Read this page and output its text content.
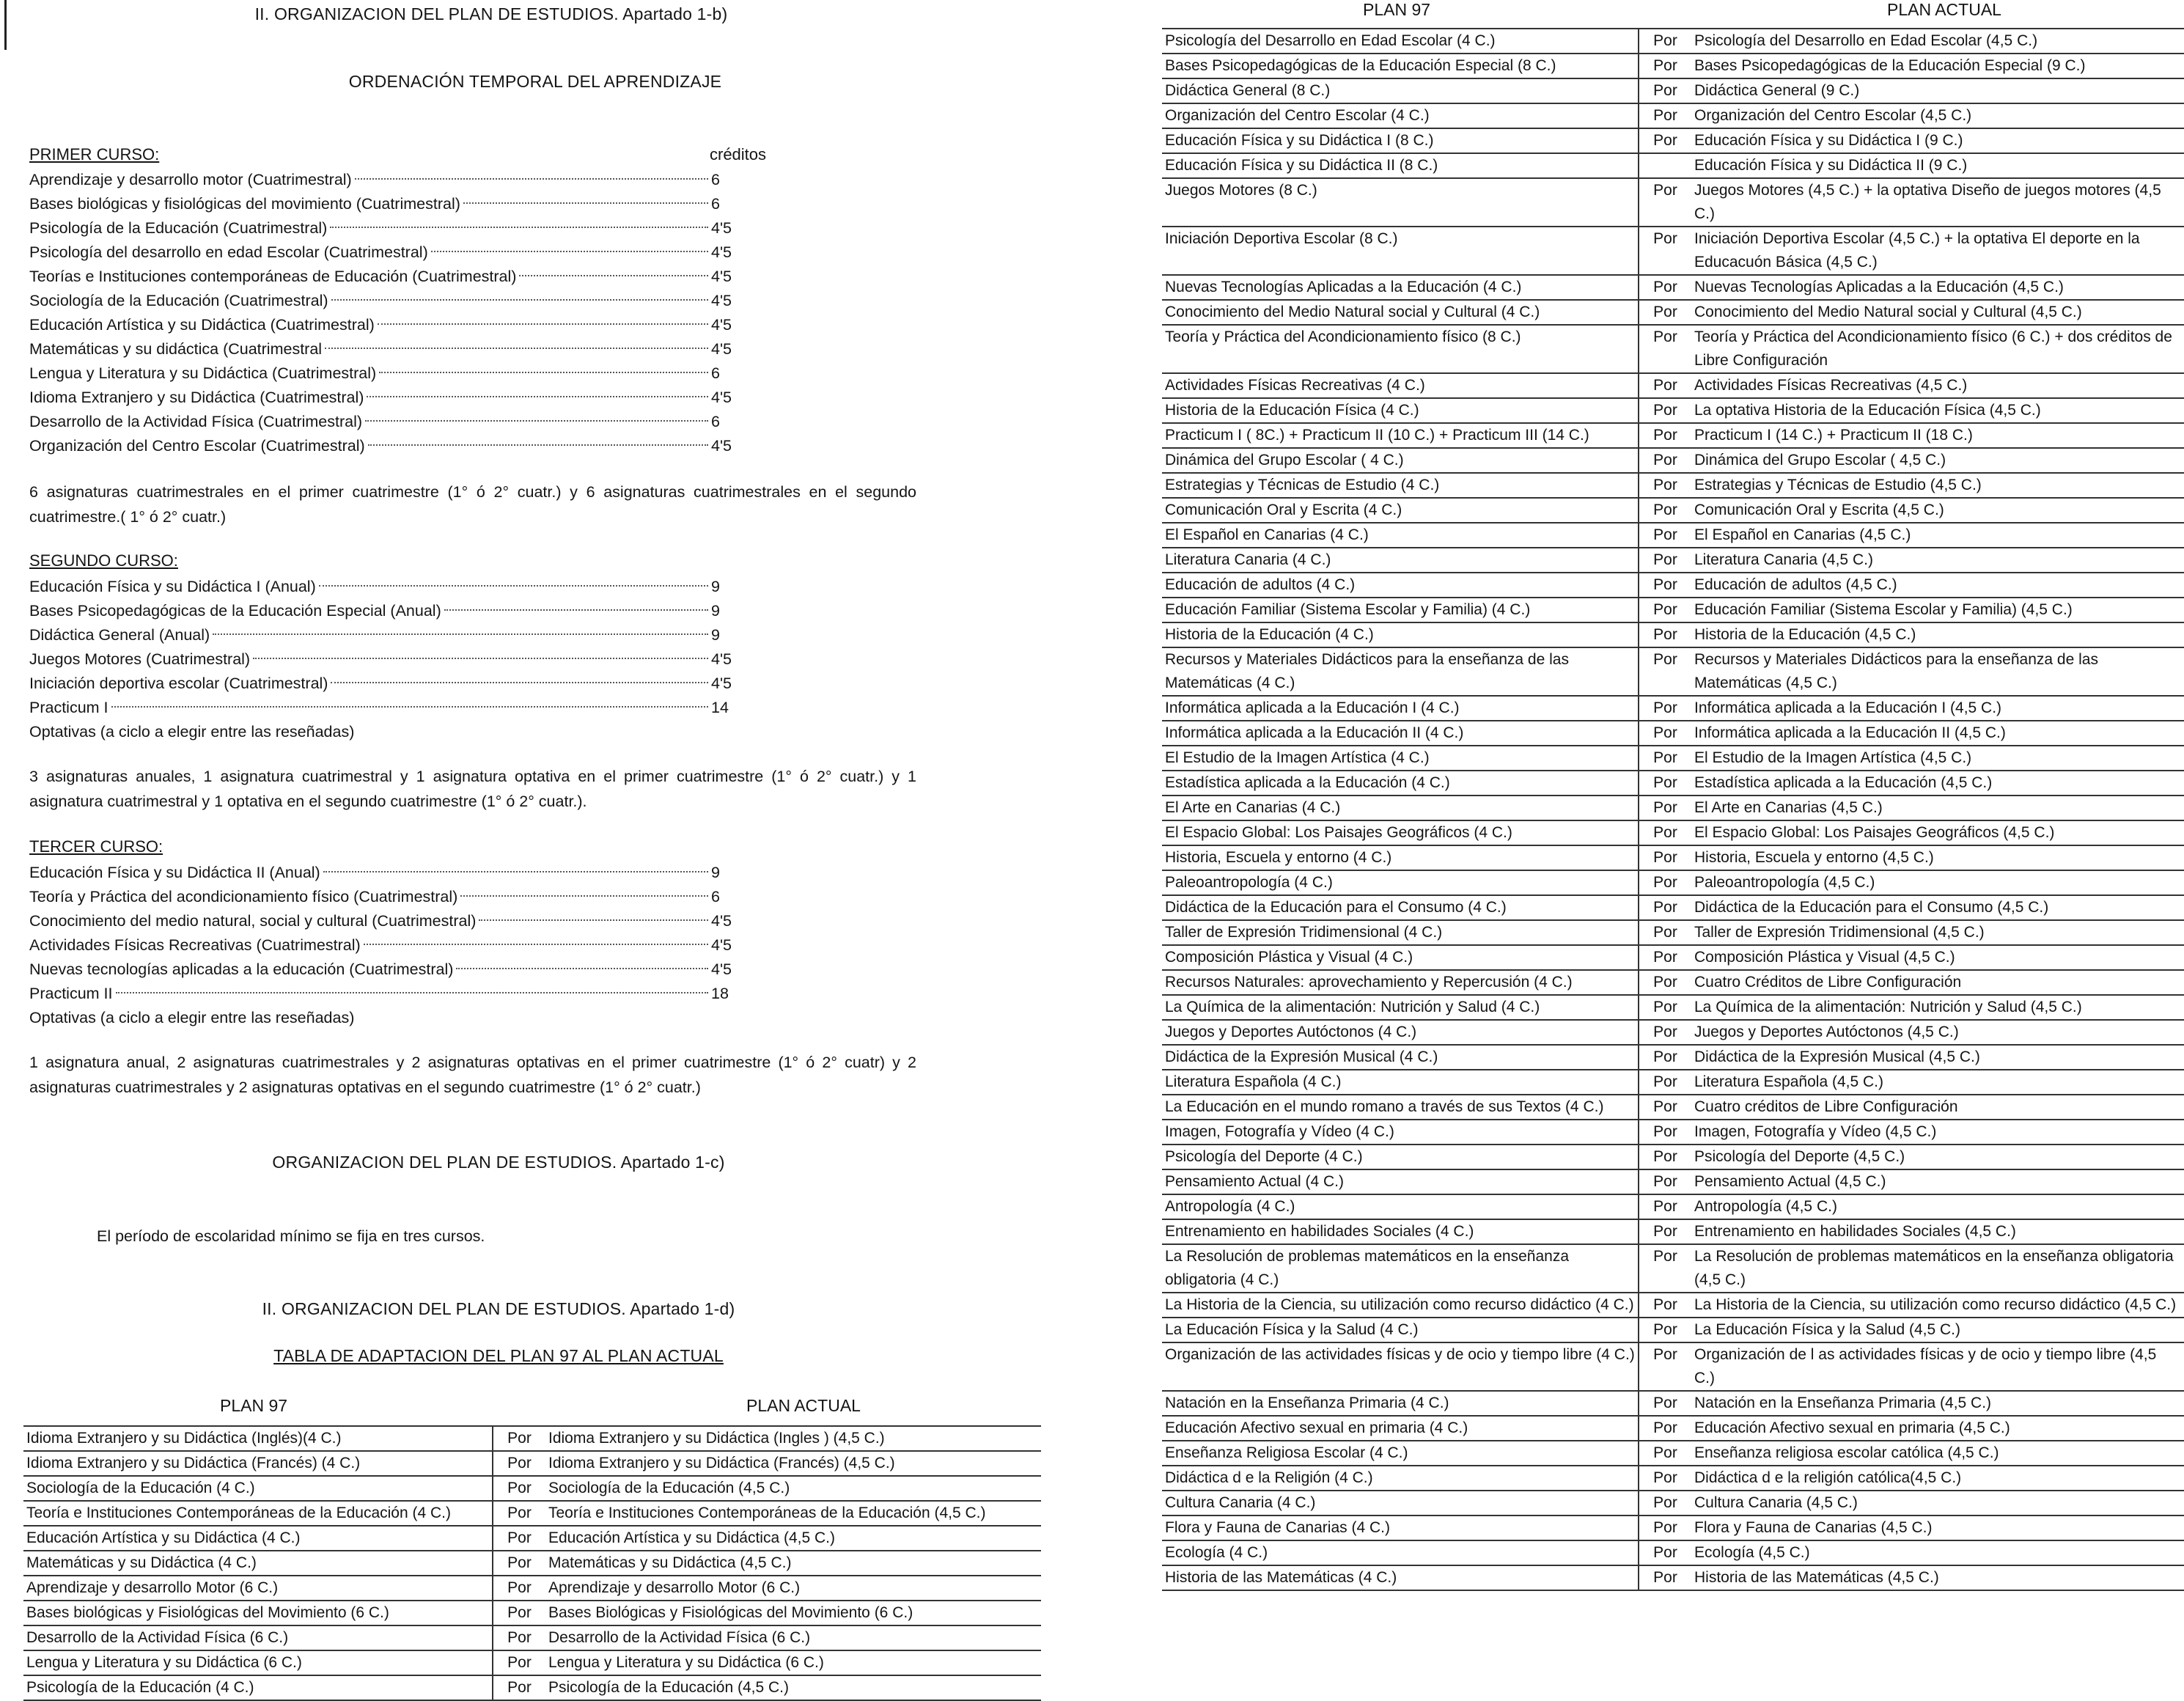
II. ORGANIZACION DEL PLAN DE ESTUDIOS. Apartado 1-b)
ORDENACIÓN TEMPORAL DEL APRENDIZAJE
PRIMER CURSO:	créditos
Aprendizaje y desarrollo motor (Cuatrimestral)	6
Bases biológicas y fisiológicas del movimiento (Cuatrimestral)	6
Psicología de la Educación (Cuatrimestral)	4'5
Psicología del desarrollo en edad Escolar (Cuatrimestral)	4'5
Teorías e Instituciones contemporáneas de Educación (Cuatrimestral)	4'5
Sociología de la Educación (Cuatrimestral)	4'5
Educación Artística y su Didáctica (Cuatrimestral)	4'5
Matemáticas y su didáctica (Cuatrimestral	4'5
Lengua y Literatura y su Didáctica (Cuatrimestral)	6
Idioma Extranjero y su Didáctica (Cuatrimestral)	4'5
Desarrollo de la Actividad Física (Cuatrimestral)	6
Organización del Centro Escolar (Cuatrimestral)	4'5
6 asignaturas cuatrimestrales en el primer cuatrimestre (1° ó 2° cuatr.) y 6 asignaturas cuatrimestrales en el segundo cuatrimestre.( 1° ó 2° cuatr.)
SEGUNDO CURSO:
Educación Física y su Didáctica I (Anual)	9
Bases Psicopedagógicas de la Educación Especial (Anual)	9
Didáctica General (Anual)	9
Juegos Motores (Cuatrimestral)	4'5
Iniciación deportiva escolar (Cuatrimestral)	4'5
Practicum I	14
Optativas (a ciclo a elegir entre las reseñadas)
3 asignaturas anuales, 1 asignatura cuatrimestral y 1 asignatura optativa en el primer cuatrimestre (1° ó 2° cuatr.) y 1 asignatura cuatrimestral y 1 optativa en el segundo cuatrimestre (1° ó 2° cuatr.).
TERCER CURSO:
Educación Física y su Didáctica II (Anual)	9
Teoría y Práctica del acondicionamiento físico (Cuatrimestral)	6
Conocimiento del medio natural, social y cultural (Cuatrimestral)	4'5
Actividades Físicas Recreativas (Cuatrimestral)	4'5
Nuevas tecnologías aplicadas a la educación (Cuatrimestral)	4'5
Practicum II	18
Optativas (a ciclo a elegir entre las reseñadas)
1 asignatura anual, 2 asignaturas cuatrimestrales y 2 asignaturas optativas en el primer cuatrimestre (1° ó 2° cuatr) y 2 asignaturas cuatrimestrales y 2 asignaturas optativas en el segundo cuatrimestre (1° ó 2° cuatr.)
ORGANIZACION DEL PLAN DE ESTUDIOS. Apartado 1-c)
El período de escolaridad mínimo se fija en tres cursos.
II. ORGANIZACION DEL PLAN DE ESTUDIOS. Apartado 1-d)
TABLA DE ADAPTACION DEL PLAN 97 AL PLAN ACTUAL
PLAN 97	PLAN ACTUAL
Idioma Extranjero y su Didáctica (Inglés)(4 C.)	Por	Idioma Extranjero y su Didáctica (Ingles ) (4,5 C.)
Idioma Extranjero y su Didáctica (Francés) (4 C.)	Por	Idioma Extranjero y su Didáctica (Francés) (4,5 C.)
Sociología de la Educación (4 C.)	Por	Sociología de la Educación (4,5 C.)
Teoría e Instituciones Contemporáneas de la Educación (4 C.)	Por	Teoría e Instituciones Contemporáneas de la Educación (4,5 C.)
Educación Artística y su Didáctica (4 C.)	Por	Educación Artística y su Didáctica (4,5 C.)
Matemáticas y su Didáctica (4 C.)	Por	Matemáticas y su Didáctica (4,5 C.)
Aprendizaje y desarrollo Motor (6 C.)	Por	Aprendizaje y desarrollo Motor (6 C.)
Bases biológicas y Fisiológicas del Movimiento (6 C.)	Por	Bases Biológicas y Fisiológicas del Movimiento (6 C.)
Desarrollo de la Actividad Física (6 C.)	Por	Desarrollo de la Actividad Física (6 C.)
Lengua y Literatura y su Didáctica (6 C.)	Por	Lengua y Literatura y su Didáctica (6 C.)
Psicología de la Educación (4 C.)	Por	Psicología de la Educación (4,5 C.)
PLAN 97	PLAN ACTUAL
Psicología del Desarrollo en Edad Escolar (4 C.)	Por	Psicología del Desarrollo en Edad Escolar (4,5 C.)
Bases Psicopedagógicas de la Educación Especial (8 C.)	Por	Bases Psicopedagógicas de la Educación Especial (9 C.)
Didáctica General (8 C.)	Por	Didáctica General (9 C.)
Organización del Centro Escolar (4 C.)	Por	Organización del Centro Escolar (4,5 C.)
Educación Física y su Didáctica I (8 C.)	Por	Educación Física y su Didáctica I (9 C.)
Educación Física y su Didáctica II (8 C.)		Educación Física y su Didáctica II (9 C.)
Juegos Motores (8 C.)	Por	Juegos Motores (4,5 C.) + la optativa Diseño de juegos motores (4,5 C.)
Iniciación Deportiva Escolar (8 C.)	Por	Iniciación Deportiva Escolar (4,5 C.) + la optativa El deporte en la Educacuón Básica (4,5 C.)
Nuevas Tecnologías Aplicadas a la Educación (4 C.)	Por	Nuevas Tecnologías Aplicadas a la Educación (4,5 C.)
Conocimiento del Medio Natural social y Cultural (4 C.)	Por	Conocimiento del Medio Natural social y Cultural (4,5 C.)
Teoría y Práctica del Acondicionamiento físico (8 C.)	Por	Teoría y Práctica del Acondicionamiento físico (6 C.) + dos créditos de Libre Configuración
Actividades Físicas Recreativas (4 C.)	Por	Actividades Físicas Recreativas (4,5 C.)
Historia de la Educación Física (4 C.)	Por	La optativa Historia de la Educación Física (4,5 C.)
Practicum I ( 8C.) + Practicum II (10 C.) + Practicum III (14 C.)	Por	Practicum I (14 C.) + Practicum II (18 C.)
Dinámica del Grupo Escolar ( 4 C.)	Por	Dinámica del Grupo Escolar ( 4,5 C.)
Estrategias y Técnicas de Estudio (4 C.)	Por	Estrategias y Técnicas de Estudio (4,5 C.)
Comunicación Oral y Escrita (4 C.)	Por	Comunicación Oral y Escrita (4,5 C.)
El Español en Canarias (4 C.)	Por	El Español en Canarias (4,5 C.)
Literatura Canaria (4 C.)	Por	Literatura Canaria (4,5 C.)
Educación de adultos (4 C.)	Por	Educación de adultos (4,5 C.)
Educación Familiar (Sistema Escolar y Familia) (4 C.)	Por	Educación Familiar (Sistema Escolar y Familia) (4,5 C.)
Historia de la Educación (4 C.)	Por	Historia de la Educación (4,5 C.)
Recursos y Materiales Didácticos para la enseñanza de las Matemáticas (4 C.)	Por	Recursos y Materiales Didácticos para la enseñanza de las Matemáticas (4,5 C.)
Informática aplicada a la Educación I (4 C.)	Por	Informática aplicada a la Educación I (4,5 C.)
Informática aplicada a la Educación II (4 C.)	Por	Informática aplicada a la Educación II (4,5 C.)
El Estudio de la Imagen Artística (4 C.)	Por	El Estudio de la Imagen Artística (4,5 C.)
Estadística aplicada a la Educación (4 C.)	Por	Estadística aplicada a la Educación (4,5 C.)
El Arte en Canarias (4 C.)	Por	El Arte en Canarias (4,5 C.)
El Espacio Global: Los Paisajes Geográficos (4 C.)	Por	El Espacio Global: Los Paisajes Geográficos (4,5 C.)
Historia, Escuela y entorno (4 C.)	Por	Historia, Escuela y entorno (4,5 C.)
Paleoantropología (4 C.)	Por	Paleoantropología (4,5 C.)
Didáctica de la Educación para el Consumo (4 C.)	Por	Didáctica de la Educación para el Consumo (4,5 C.)
Taller de Expresión Tridimensional (4 C.)	Por	Taller de Expresión Tridimensional (4,5 C.)
Composición Plástica y Visual (4 C.)	Por	Composición Plástica y Visual (4,5 C.)
Recursos Naturales: aprovechamiento y Repercusión (4 C.)	Por	Cuatro Créditos de Libre Configuración
La Química de la alimentación: Nutrición y Salud (4 C.)	Por	La Química de la alimentación: Nutrición y Salud (4,5 C.)
Juegos y Deportes Autóctonos (4 C.)	Por	Juegos y Deportes Autóctonos (4,5 C.)
Didáctica de la Expresión Musical (4 C.)	Por	Didáctica de la Expresión Musical (4,5 C.)
Literatura Española (4 C.)	Por	Literatura Española (4,5 C.)
La Educación en el mundo romano a través de sus Textos (4 C.)	Por	Cuatro créditos de Libre Configuración
Imagen, Fotografía y Vídeo (4 C.)	Por	Imagen, Fotografía y Vídeo (4,5 C.)
Psicología del Deporte (4 C.)	Por	Psicología del Deporte (4,5 C.)
Pensamiento Actual (4 C.)	Por	Pensamiento Actual (4,5 C.)
Antropología (4 C.)	Por	Antropología (4,5 C.)
Entrenamiento en habilidades Sociales (4 C.)	Por	Entrenamiento en habilidades Sociales (4,5 C.)
La Resolución de problemas matemáticos en la enseñanza obligatoria (4 C.)	Por	La Resolución de problemas matemáticos en la enseñanza obligatoria (4,5 C.)
La Historia de la Ciencia, su utilización como recurso didáctico (4 C.)	Por	La Historia de la Ciencia, su utilización como recurso didáctico (4,5 C.)
La Educación Física y la Salud (4 C.)	Por	La Educación Física y la Salud (4,5 C.)
Organización de las actividades físicas y de ocio y tiempo libre (4 C.)	Por	Organización de l as actividades físicas y de ocio y tiempo libre (4,5 C.)
Natación en la Enseñanza Primaria (4 C.)	Por	Natación en la Enseñanza Primaria (4,5 C.)
Educación Afectivo sexual en primaria (4 C.)	Por	Educación Afectivo sexual en primaria (4,5 C.)
Enseñanza Religiosa Escolar (4 C.)	Por	Enseñanza religiosa escolar católica (4,5 C.)
Didáctica d e la Religión (4 C.)	Por	Didáctica d e la religión católica(4,5 C.)
Cultura Canaria (4 C.)	Por	Cultura Canaria (4,5 C.)
Flora y Fauna de Canarias (4 C.)	Por	Flora y Fauna de Canarias (4,5 C.)
Ecología (4 C.)	Por	Ecología (4,5 C.)
Historia de las Matemáticas (4 C.)	Por	Historia de las Matemáticas (4,5 C.)
